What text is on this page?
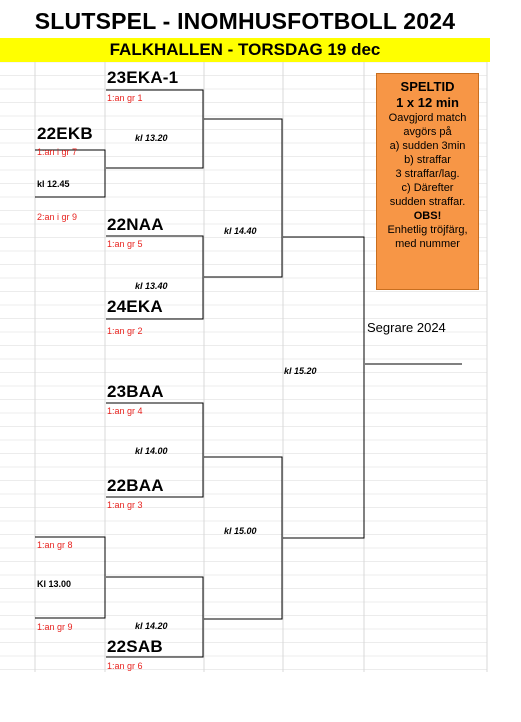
SLUTSPEL - INOMHUSFOTBOLL 2024
FALKHALLEN - TORSDAG 19 dec
23EKA-1
1:an gr 1
22EKB
1:an i gr 7
kl 12.45
2:an i gr 9
kl 13.20
22NAA
1:an gr 5
kl 14.40
kl 13.40
24EKA
1:an gr 2	Segrare 2024
kl 15.20
23BAA
1:an gr 4
kl 14.00
22BAA
1:an gr 3
kl 15.00
1:an gr 8
Kl 13.00
1:an gr 9	kl 14.20
22SAB
1:an gr 6
SPELTID
1 x 12 min
Oavgjord match
avgörs på
a) sudden 3min
b) straffar
3 straffar/lag.
c) Därefter
sudden straffar.
OBS!
Enhetlig tröjfärg,
med nummer
